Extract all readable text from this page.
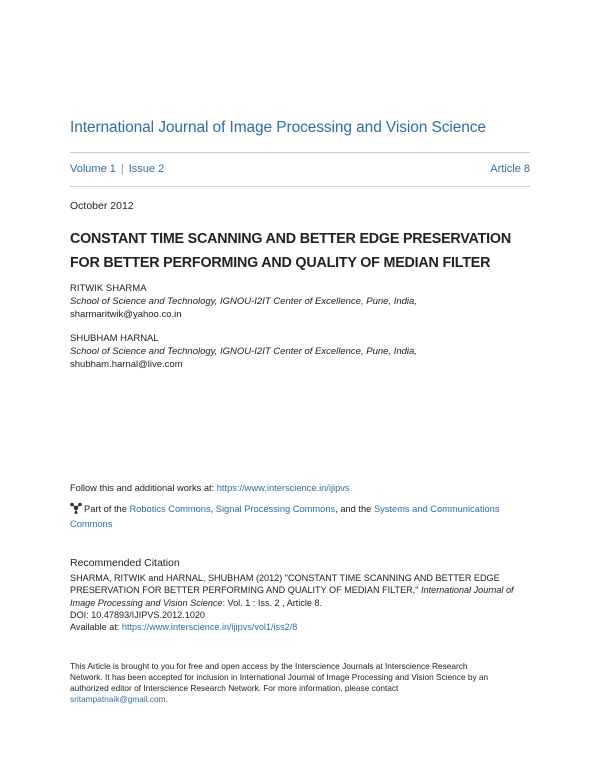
International Journal of Image Processing and Vision Science
Volume 1 | Issue 2	Article 8
October 2012
CONSTANT TIME SCANNING AND BETTER EDGE PRESERVATION
FOR BETTER PERFORMING AND QUALITY OF MEDIAN FILTER
RITWIK SHARMA
School of Science and Technology, IGNOU-I2IT Center of Excellence, Pune, India,
sharmaritwik@yahoo.co.in
SHUBHAM HARNAL
School of Science and Technology, IGNOU-I2IT Center of Excellence, Pune, India,
shubham.harnal@live.com
Follow this and additional works at: https://www.interscience.in/ijipvs
Part of the Robotics Commons, Signal Processing Commons, and the Systems and Communications Commons
Recommended Citation
SHARMA, RITWIK and HARNAL, SHUBHAM (2012) "CONSTANT TIME SCANNING AND BETTER EDGE
PRESERVATION FOR BETTER PERFORMING AND QUALITY OF MEDIAN FILTER," International Journal of
Image Processing and Vision Science: Vol. 1 : Iss. 2 , Article 8.
DOI: 10.47893/IJIPVS.2012.1020
Available at: https://www.interscience.in/ijipvs/vol1/iss2/8
This Article is brought to you for free and open access by the Interscience Journals at Interscience Research
Network. It has been accepted for inclusion in International Journal of Image Processing and Vision Science by an
authorized editor of Interscience Research Network. For more information, please contact
sritampatnaik@gmail.com.
